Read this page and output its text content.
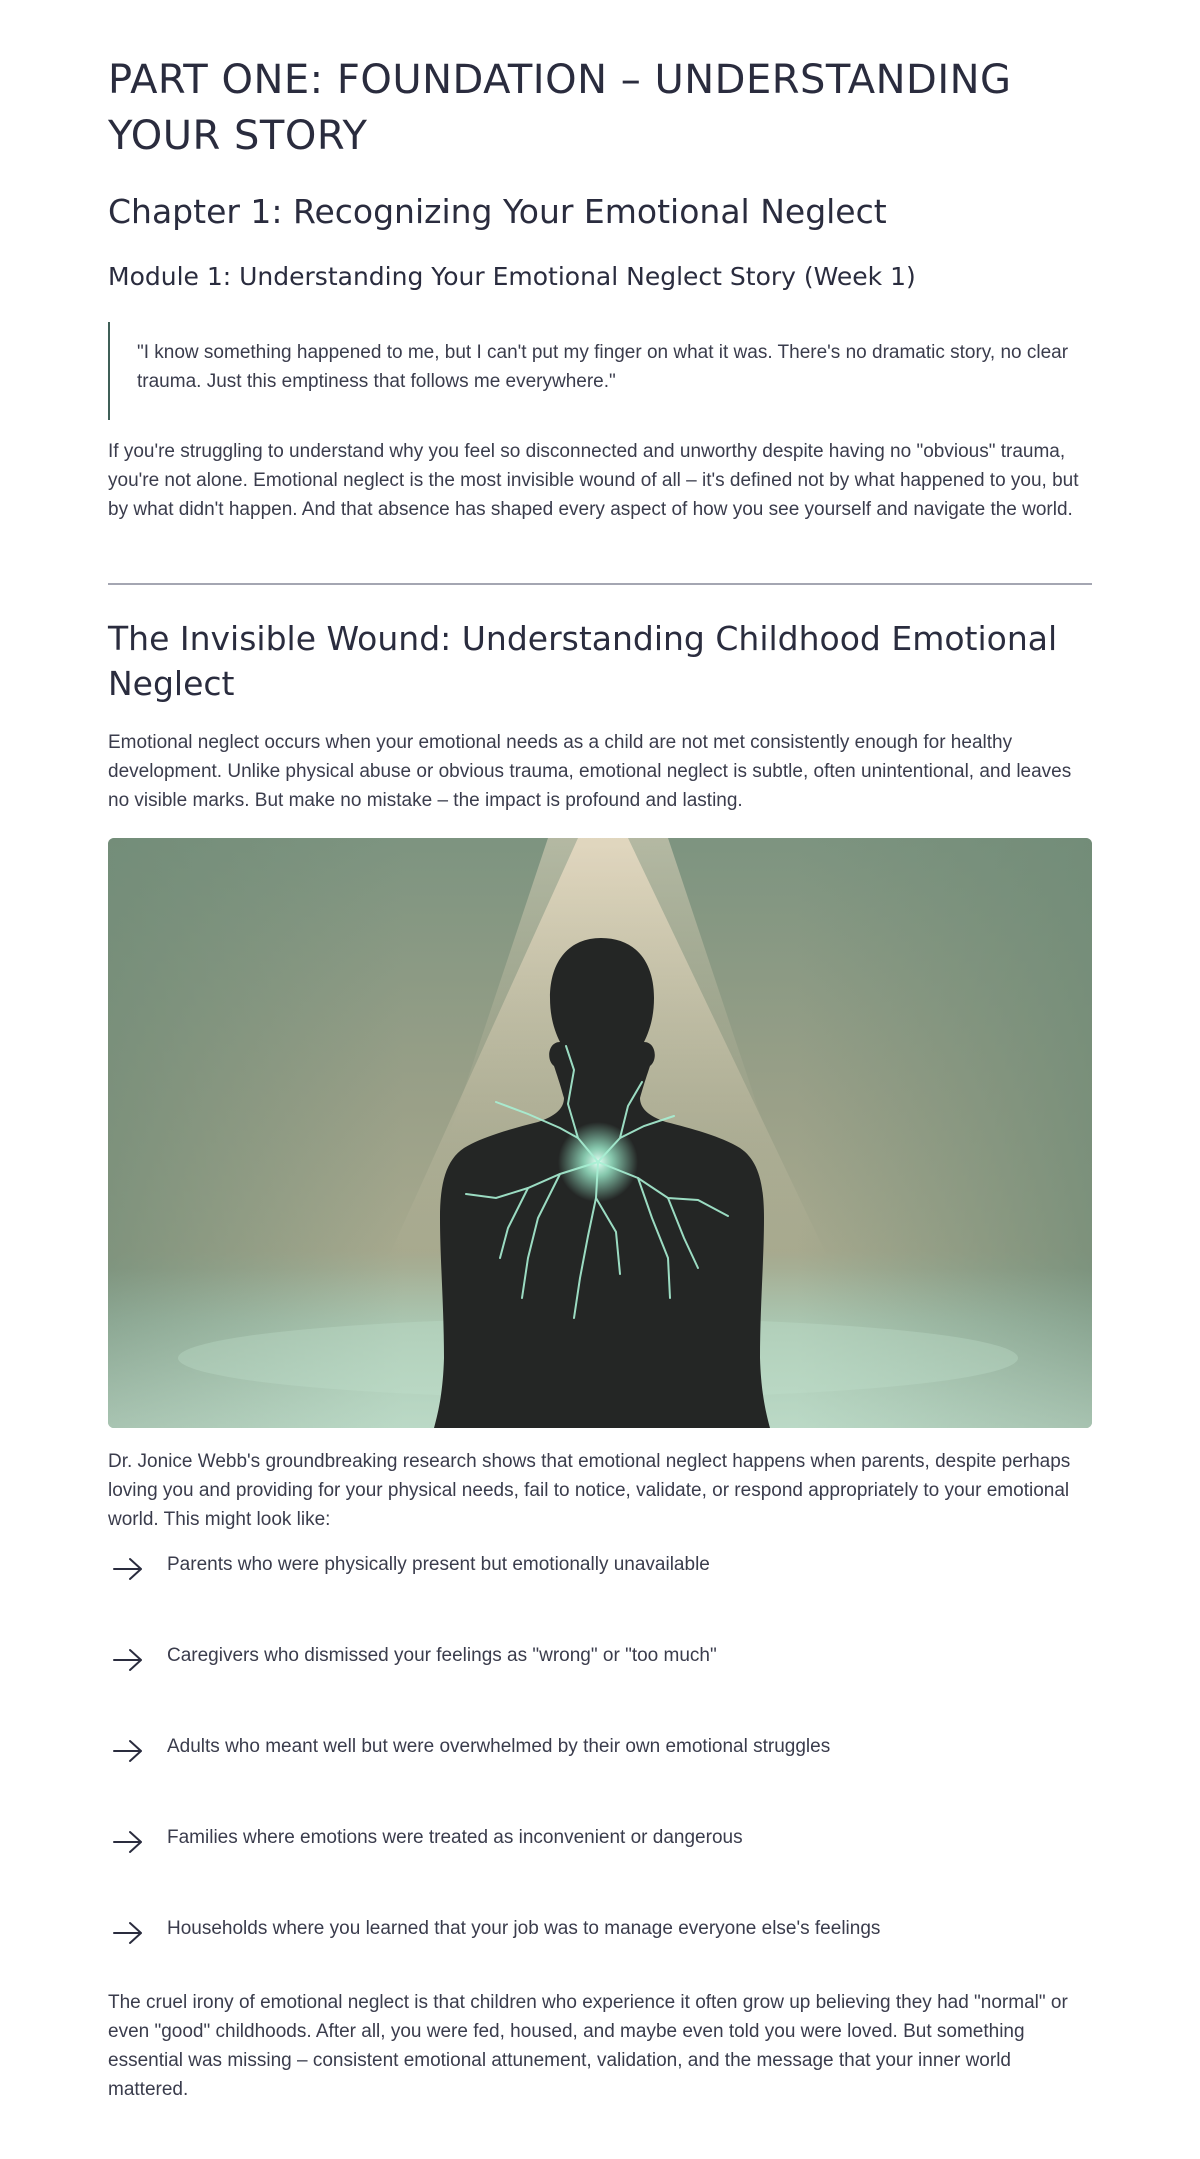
PART ONE: FOUNDATION – UNDERSTANDING YOUR STORY
Chapter 1: Recognizing Your Emotional Neglect
Module 1: Understanding Your Emotional Neglect Story (Week 1)
"I know something happened to me, but I can't put my finger on what it was. There's no dramatic story, no clear trauma. Just this emptiness that follows me everywhere."

If you're struggling to understand why you feel so disconnected and unworthy despite having no "obvious" trauma, you're not alone. Emotional neglect is the most invisible wound of all – it's defined not by what happened to you, but by what didn't happen. And that absence has shaped every aspect of how you see yourself and navigate the world.

The Invisible Wound: Understanding Childhood Emotional Neglect

Emotional neglect occurs when your emotional needs as a child are not met consistently enough for healthy development. Unlike physical abuse or obvious trauma, emotional neglect is subtle, often unintentional, and leaves no visible marks. But make no mistake – the impact is profound and lasting.

Dr. Jonice Webb's groundbreaking research shows that emotional neglect happens when parents, despite perhaps loving you and providing for your physical needs, fail to notice, validate, or respond appropriately to your emotional world. This might look like:

Parents who were physically present but emotionally unavailable
Caregivers who dismissed your feelings as "wrong" or "too much"
Adults who meant well but were overwhelmed by their own emotional struggles
Families where emotions were treated as inconvenient or dangerous
Households where you learned that your job was to manage everyone else's feelings

The cruel irony of emotional neglect is that children who experience it often grow up believing they had "normal" or even "good" childhoods. After all, you were fed, housed, and maybe even told you were loved. But something essential was missing – consistent emotional attunement, validation, and the message that your inner world mattered.
